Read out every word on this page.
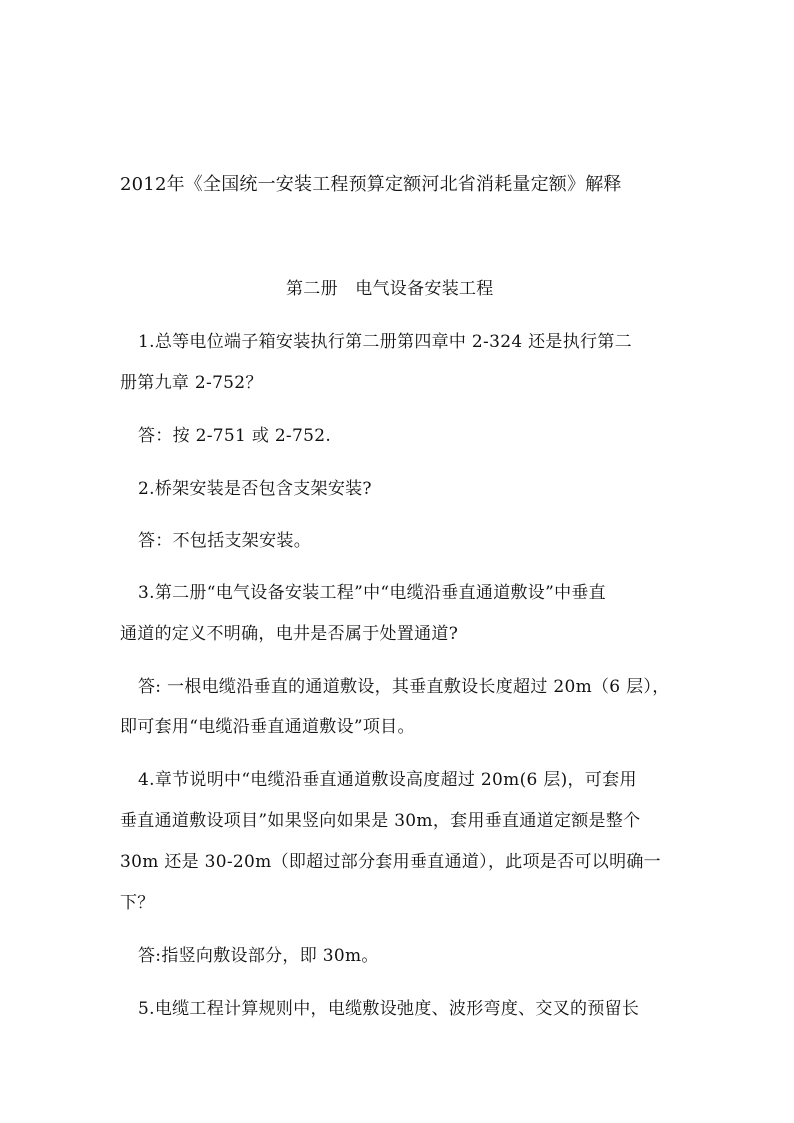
2012年《全国统一安装工程预算定额河北省消耗量定额》解释
第二册　电气设备安装工程
1.总等电位端子箱安装执行第二册第四章中 2-324 还是执行第二
册第九章 2-752？
答：按 2-751 或 2-752.
2.桥架安装是否包含支架安装?
答：不包括支架安装。
3.第二册“电气设备安装工程”中“电缆沿垂直通道敷设”中垂直
通道的定义不明确，电井是否属于处置通道?
答: 一根电缆沿垂直的通道敷设，其垂直敷设长度超过 20m（6 层），
即可套用“电缆沿垂直通道敷设”项目。
4.章节说明中“电缆沿垂直通道敷设高度超过 20m(6 层)，可套用
垂直通道敷设项目”如果竖向如果是 30m，套用垂直通道定额是整个
30m 还是 30-20m（即超过部分套用垂直通道），此项是否可以明确一
下？
答:指竖向敷设部分，即 30m。
5.电缆工程计算规则中，电缆敷设弛度、波形弯度、交叉的预留长
